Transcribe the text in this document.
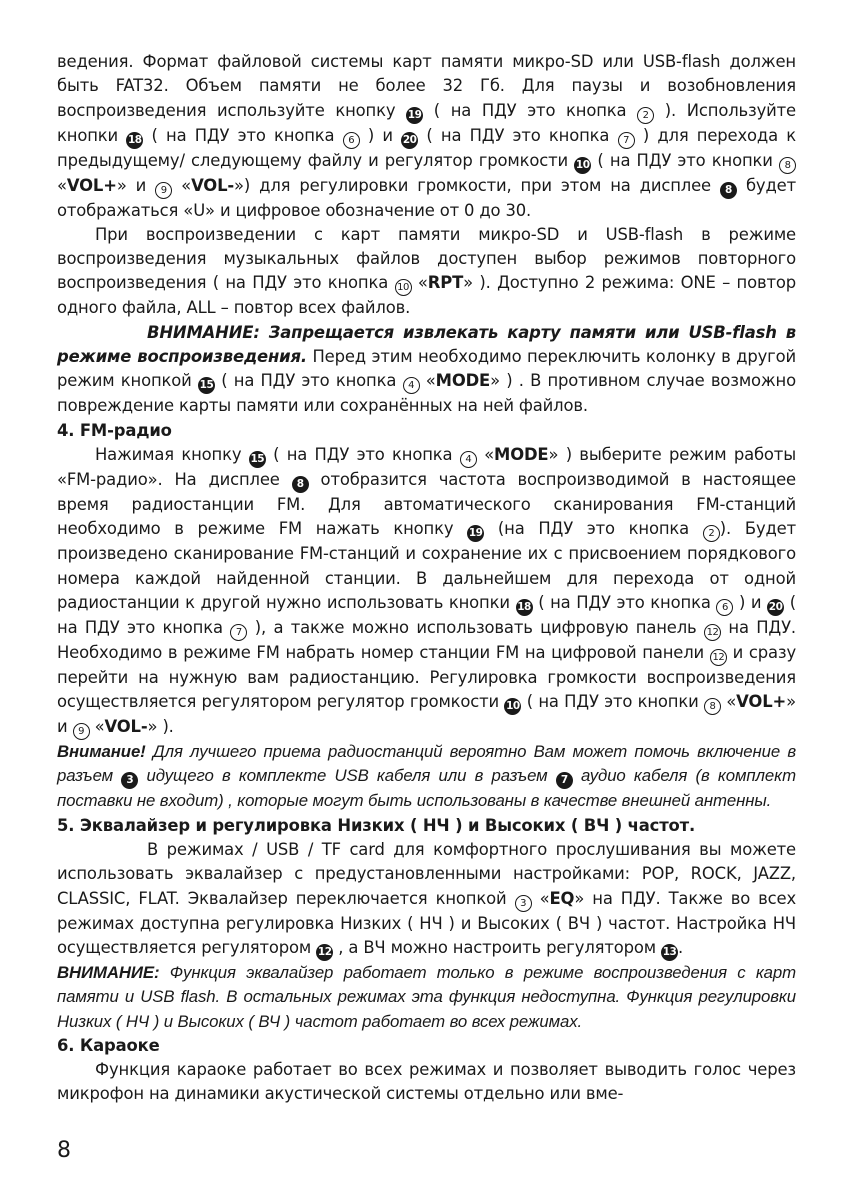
ведения. Формат файловой системы карт памяти микро-SD или USB-flash должен быть FAT32. Объем памяти не более 32 Гб. Для паузы и возобновления воспроизведения используйте кнопку 19 ( на ПДУ это кнопка 2 ). Используйте кнопки 18 ( на ПДУ это кнопка 6 ) и 20 ( на ПДУ это кнопка 7 ) для перехода к предыдущему/ следующему файлу и регулятор громкости 10 ( на ПДУ это кнопки 8 «VOL+» и 9 «VOL-») для регулировки громкости, при этом на дисплее 8 будет отображаться «U» и цифровое обозначение от 0 до 30.

При воспроизведении с карт памяти микро-SD и USB-flash в режиме воспроизведения музыкальных файлов доступен выбор режимов повторного воспроизведения ( на ПДУ это кнопка 10 «RPT» ). Доступно 2 режима: ONE – повтор одного файла, ALL – повтор всех файлов.

ВНИМАНИЕ: Запрещается извлекать карту памяти или USB-flash в режиме воспроизведения. Перед этим необходимо переключить колонку в другой режим кнопкой 15 ( на ПДУ это кнопка 4 «MODE» ) . В противном случае возможно повреждение карты памяти или сохранённых на ней файлов.

4. FM-радио

Нажимая кнопку 15 ( на ПДУ это кнопка 4 «MODE» ) выберите режим работы «FM-радио». На дисплее 8 отобразится частота воспроизводимой в настоящее время радиостанции FM. Для автоматического сканирования FM-станций необходимо в режиме FM нажать кнопку 19 (на ПДУ это кнопка 2 ). Будет произведено сканирование FM-станций и сохранение их с присвоением порядкового номера каждой найденной станции. В дальнейшем для перехода от одной радиостанции к другой нужно использовать кнопки 18 ( на ПДУ это кнопка 6 ) и 20 ( на ПДУ это кнопка 7 ), а также можно использовать цифровую панель 12 на ПДУ. Необходимо в режиме FM набрать номер станции FM на цифровой панели 12 и сразу перейти на нужную вам радиостанцию. Регулировка громкости воспроизведения осуществляется регулятором регулятор громкости 10 ( на ПДУ это кнопки 8 «VOL+» и 9 «VOL-» ).

Внимание! Для лучшего приема радиостанций вероятно Вам может помочь включение в разъем 3 идущего в комплекте USB кабеля или в разъем 7 аудио кабеля (в комплект поставки не входит) , которые могут быть использованы в качестве внешней антенны.

5. Эквалайзер и регулировка Низких ( НЧ ) и Высоких ( ВЧ ) частот.

В режимах / USB / TF card для комфортного прослушивания вы можете использовать эквалайзер с предустановленными настройками: POP, ROCK, JAZZ, CLASSIC, FLAT. Эквалайзер переключается кнопкой 3 «EQ» на ПДУ. Также во всех режимах доступна регулировка Низких ( НЧ ) и Высоких ( ВЧ ) частот. Настройка НЧ осуществляется регулятором 12 , а ВЧ можно настроить регулятором 13 .

ВНИМАНИЕ: Функция эквалайзер работает только в режиме воспроизведения с карт памяти и USB flash. В остальных режимах эта функция недоступна. Функция регулировки Низких ( НЧ ) и Высоких ( ВЧ ) частот работает во всех режимах.

6. Караоке

Функция караоке работает во всех режимах и позволяет выводить голос через микрофон на динамики акустической системы отдельно или вме-

8
